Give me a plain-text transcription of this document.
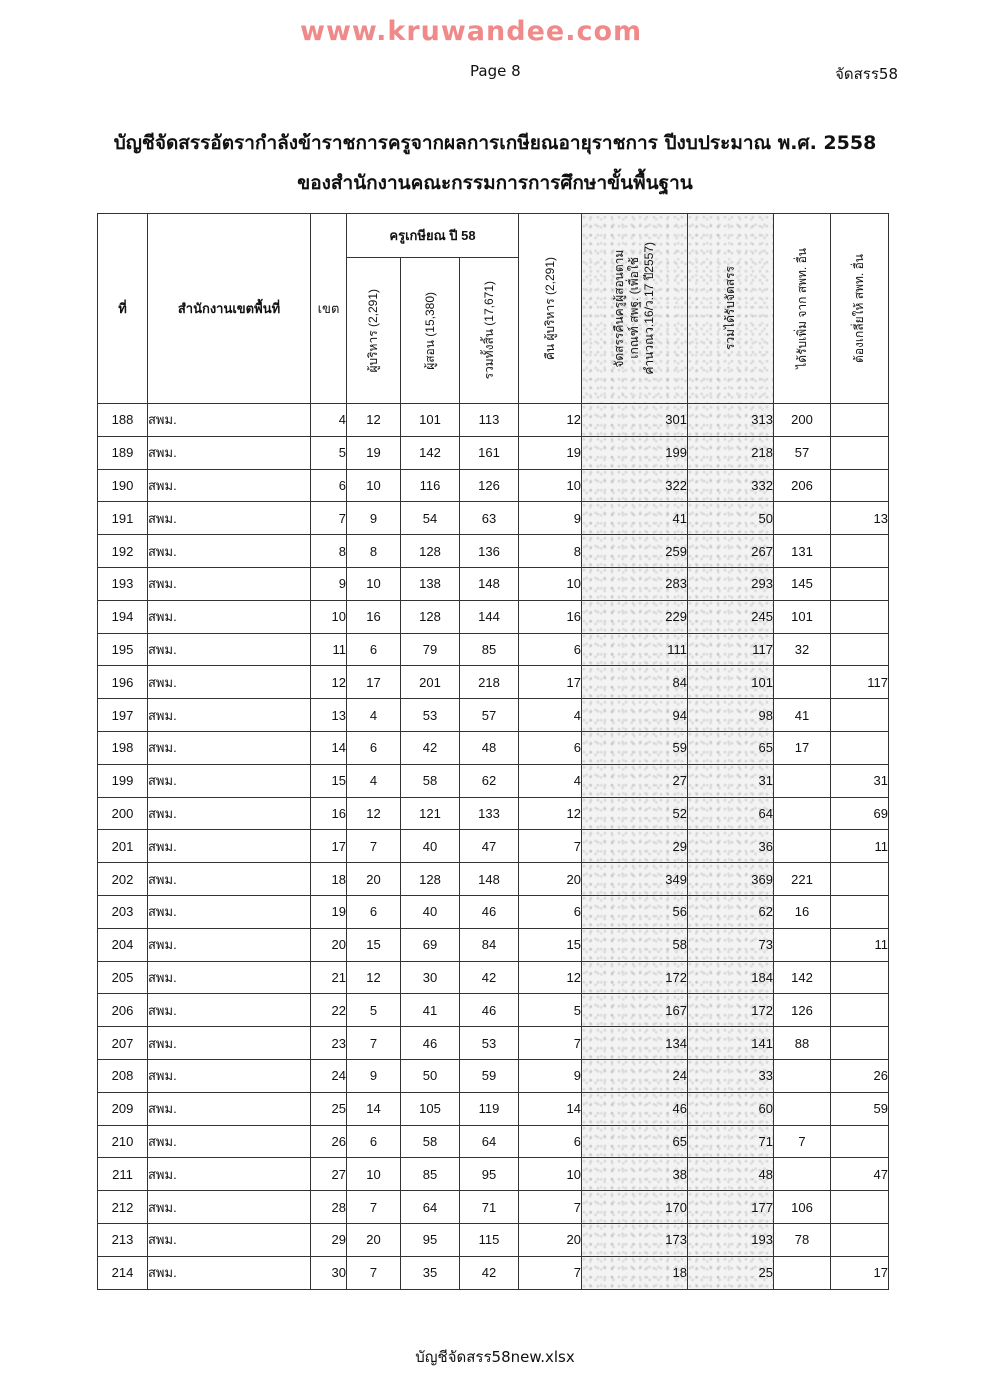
www.kruwandee.com
Page 8	จัดสรร58
บัญชีจัดสรรอัตรากำลังข้าราชการครูจากผลการเกษียณอายุราชการ ปีงบประมาณ พ.ศ. 2558
ของสำนักงานคณะกรรมการการศึกษาขั้นพื้นฐาน
ที่	สำนักงานเขตพื้นที่	เขต	ครูเกษียณ ปี 58			คืน ผู้บริหาร (2,291)	จัดสรรคืนครูผู้สอนตาม
เกณฑ์ สพฐ. (เพื่อใช้
คำนวณว.16/ว.17 ปี2557)	รวมได้รับจัดสรร	ได้รับเพิ่ม จาก สพท. อื่น	ต้องเกลี่ยให้ สพท. อื่น

			ผู้บริหาร (2,291)	ผู้สอน (15,380)	รวมทั้งสิ้น (17,671)					

188	สพม.	4	12	101	113	12	301	313	200	
189	สพม.	5	19	142	161	19	199	218	57	
190	สพม.	6	10	116	126	10	322	332	206	
191	สพม.	7	9	54	63	9	41	50		13
192	สพม.	8	8	128	136	8	259	267	131	
193	สพม.	9	10	138	148	10	283	293	145	
194	สพม.	10	16	128	144	16	229	245	101	
195	สพม.	11	6	79	85	6	111	117	32	
196	สพม.	12	17	201	218	17	84	101		117
197	สพม.	13	4	53	57	4	94	98	41	
198	สพม.	14	6	42	48	6	59	65	17	
199	สพม.	15	4	58	62	4	27	31		31
200	สพม.	16	12	121	133	12	52	64		69
201	สพม.	17	7	40	47	7	29	36		11
202	สพม.	18	20	128	148	20	349	369	221	
203	สพม.	19	6	40	46	6	56	62	16	
204	สพม.	20	15	69	84	15	58	73		11
205	สพม.	21	12	30	42	12	172	184	142	
206	สพม.	22	5	41	46	5	167	172	126	
207	สพม.	23	7	46	53	7	134	141	88	
208	สพม.	24	9	50	59	9	24	33		26
209	สพม.	25	14	105	119	14	46	60		59
210	สพม.	26	6	58	64	6	65	71	7	
211	สพม.	27	10	85	95	10	38	48		47
212	สพม.	28	7	64	71	7	170	177	106	
213	สพม.	29	20	95	115	20	173	193	78	
214	สพม.	30	7	35	42	7	18	25		17
บัญชีจัดสรร58new.xlsx
